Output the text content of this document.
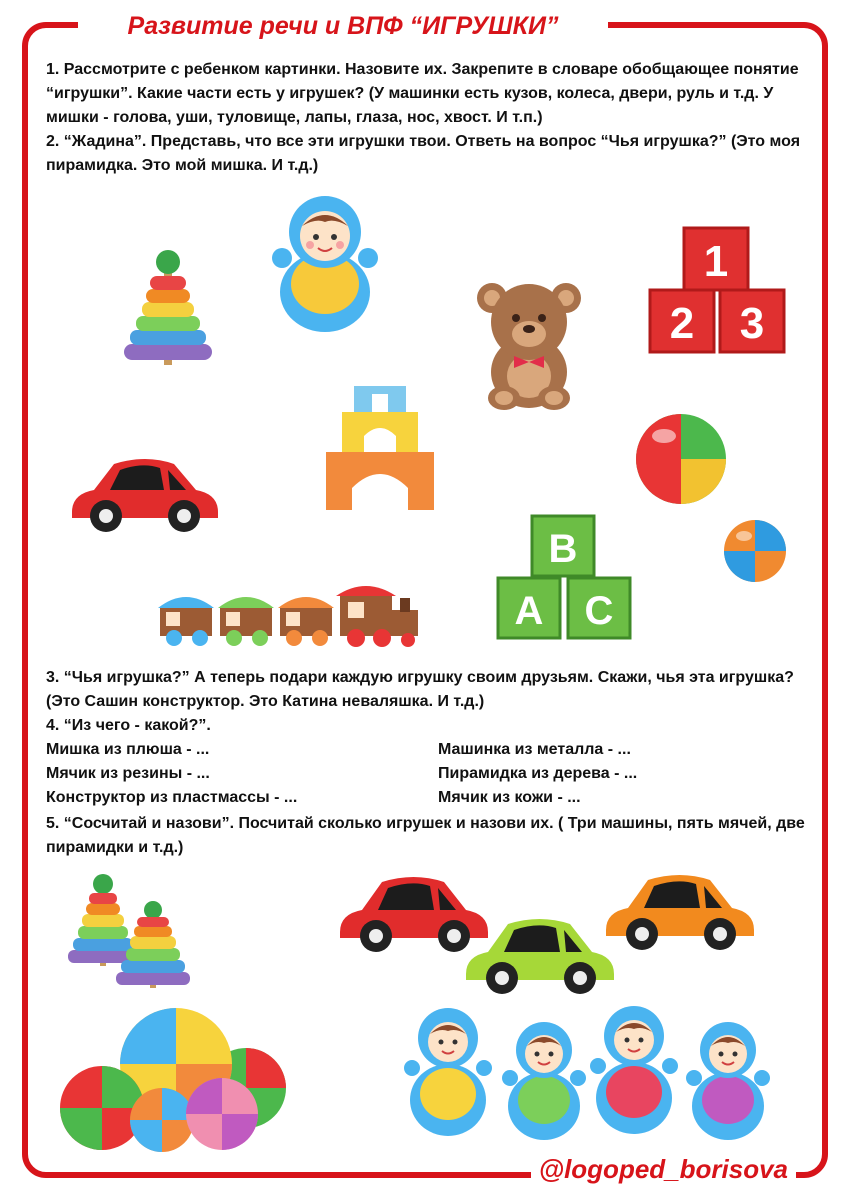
Развитие речи и ВПФ “ИГРУШКИ”

1. Рассмотрите с ребенком картинки. Назовите их. Закрепите в словаре обобщающее понятие “игрушки”. Какие части есть у игрушек? (У машинки есть кузов, колеса, двери, руль и т.д. У мишки - голова, уши, туловище, лапы, глаза, нос, хвост. И т.п.)

2. “Жадина”. Представь, что все эти игрушки твои. Ответь на вопрос “Чья игрушка?” (Это моя пирамидка. Это мой мишка. И т.д.)

1
2 3
B
A C

3. “Чья игрушка?” А теперь подари каждую игрушку своим друзьям. Скажи, чья эта игрушка? (Это Сашин конструктор. Это Катина неваляшка. И т.д.)

4. “Из чего - какой?”.

Мишка из плюша - ...
Мячик из резины - ...
Конструктор из пластмассы - ...
Машинка из металла - ...
Пирамидка из дерева - ...
Мячик из кожи - ...

5. “Сосчитай и назови”. Посчитай сколько игрушек и назови их. ( Три машины, пять мячей, две пирамидки и т.д.)

@logoped_borisova
